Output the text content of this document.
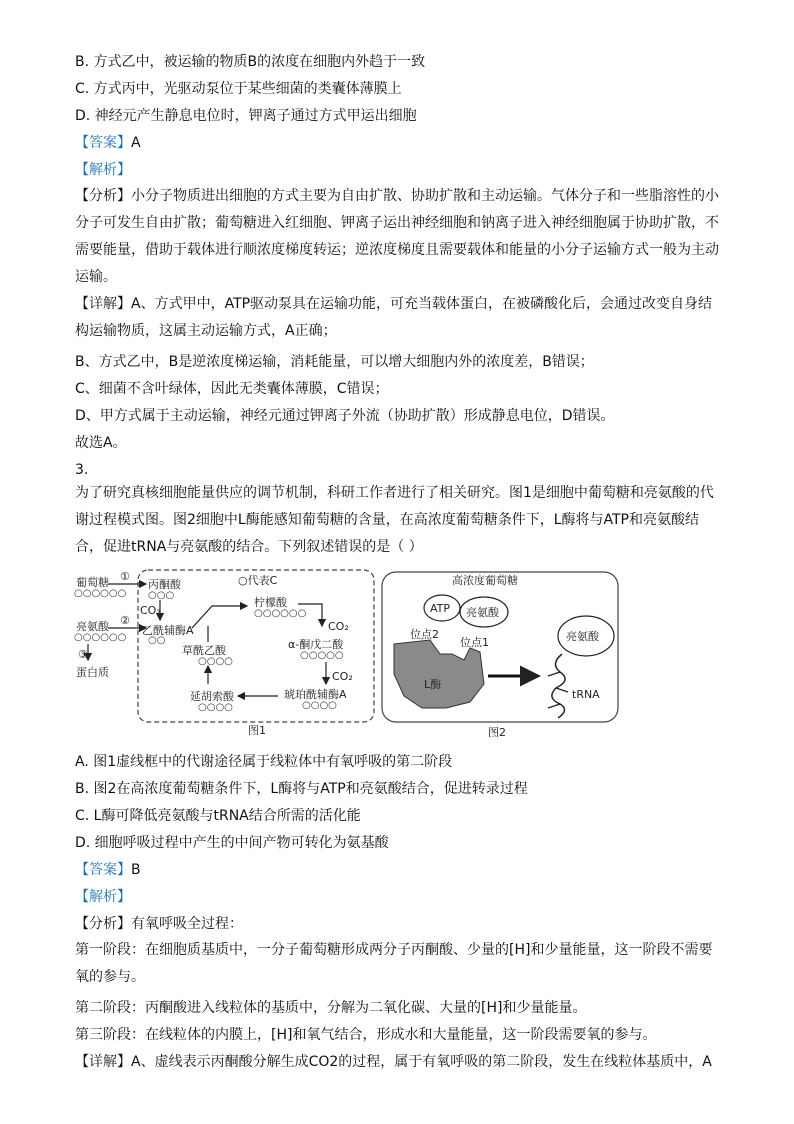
B. 方式乙中，被运输的物质B的浓度在细胞内外趋于一致
C. 方式丙中，光驱动泵位于某些细菌的类囊体薄膜上
D. 神经元产生静息电位时，钾离子通过方式甲运出细胞
【答案】A
【解析】
【分析】小分子物质进出细胞的方式主要为自由扩散、协助扩散和主动运输。气体分子和一些脂溶性的小分子可发生自由扩散；葡萄糖进入红细胞、钾离子运出神经细胞和钠离子进入神经细胞属于协助扩散，不需要能量，借助于载体进行顺浓度梯度转运；逆浓度梯度且需要载体和能量的小分子运输方式一般为主动运输。
【详解】A、方式甲中，ATP驱动泵具在运输功能，可充当载体蛋白，在被磷酸化后，会通过改变自身结构运输物质，这属主动运输方式，A正确；
B、方式乙中，B是逆浓度梯运输，消耗能量，可以增大细胞内外的浓度差，B错误；
C、细菌不含叶绿体，因此无类囊体薄膜，C错误；
D、甲方式属于主动运输，神经元通过钾离子外流（协助扩散）形成静息电位，D错误。
故选A。
3.
为了研究真核细胞能量供应的调节机制，科研工作者进行了相关研究。图1是细胞中葡萄糖和亮氨酸的代谢过程模式图。图2细胞中L酶能感知葡萄糖的含量，在高浓度葡萄糖条件下，L酶将与ATP和亮氨酸结合，促进tRNA与亮氨酸的结合。下列叙述错误的是（ ）
葡萄糖
○○○○○○
①
亮氨酸
○○○○○○
②
③
蛋白质
○代表C
丙酮酸
○○○
CO₂
乙酰辅酶A
○○
柠檬酸
○○○○○○
CO₂
α-酮戊二酸
○○○○○
CO₂
琥珀酰辅酶A
○○○○
延胡索酸
○○○○
草酰乙酸
○○○○
图1
高浓度葡萄糖
ATP 亮氨酸
位点2
位点1
L酶
亮氨酸
tRNA
图2
A. 图1虚线框中的代谢途径属于线粒体中有氧呼吸的第二阶段
B. 图2在高浓度葡萄糖条件下，L酶将与ATP和亮氨酸结合，促进转录过程
C. L酶可降低亮氨酸与tRNA结合所需的活化能
D. 细胞呼吸过程中产生的中间产物可转化为氨基酸
【答案】B
【解析】
【分析】有氧呼吸全过程：
第一阶段：在细胞质基质中，一分子葡萄糖形成两分子丙酮酸、少量的[H]和少量能量，这一阶段不需要氧的参与。
第二阶段：丙酮酸进入线粒体的基质中，分解为二氧化碳、大量的[H]和少量能量。
第三阶段：在线粒体的内膜上，[H]和氧气结合，形成水和大量能量，这一阶段需要氧的参与。
【详解】A、虚线表示丙酮酸分解生成CO2的过程，属于有氧呼吸的第二阶段，发生在线粒体基质中，A
